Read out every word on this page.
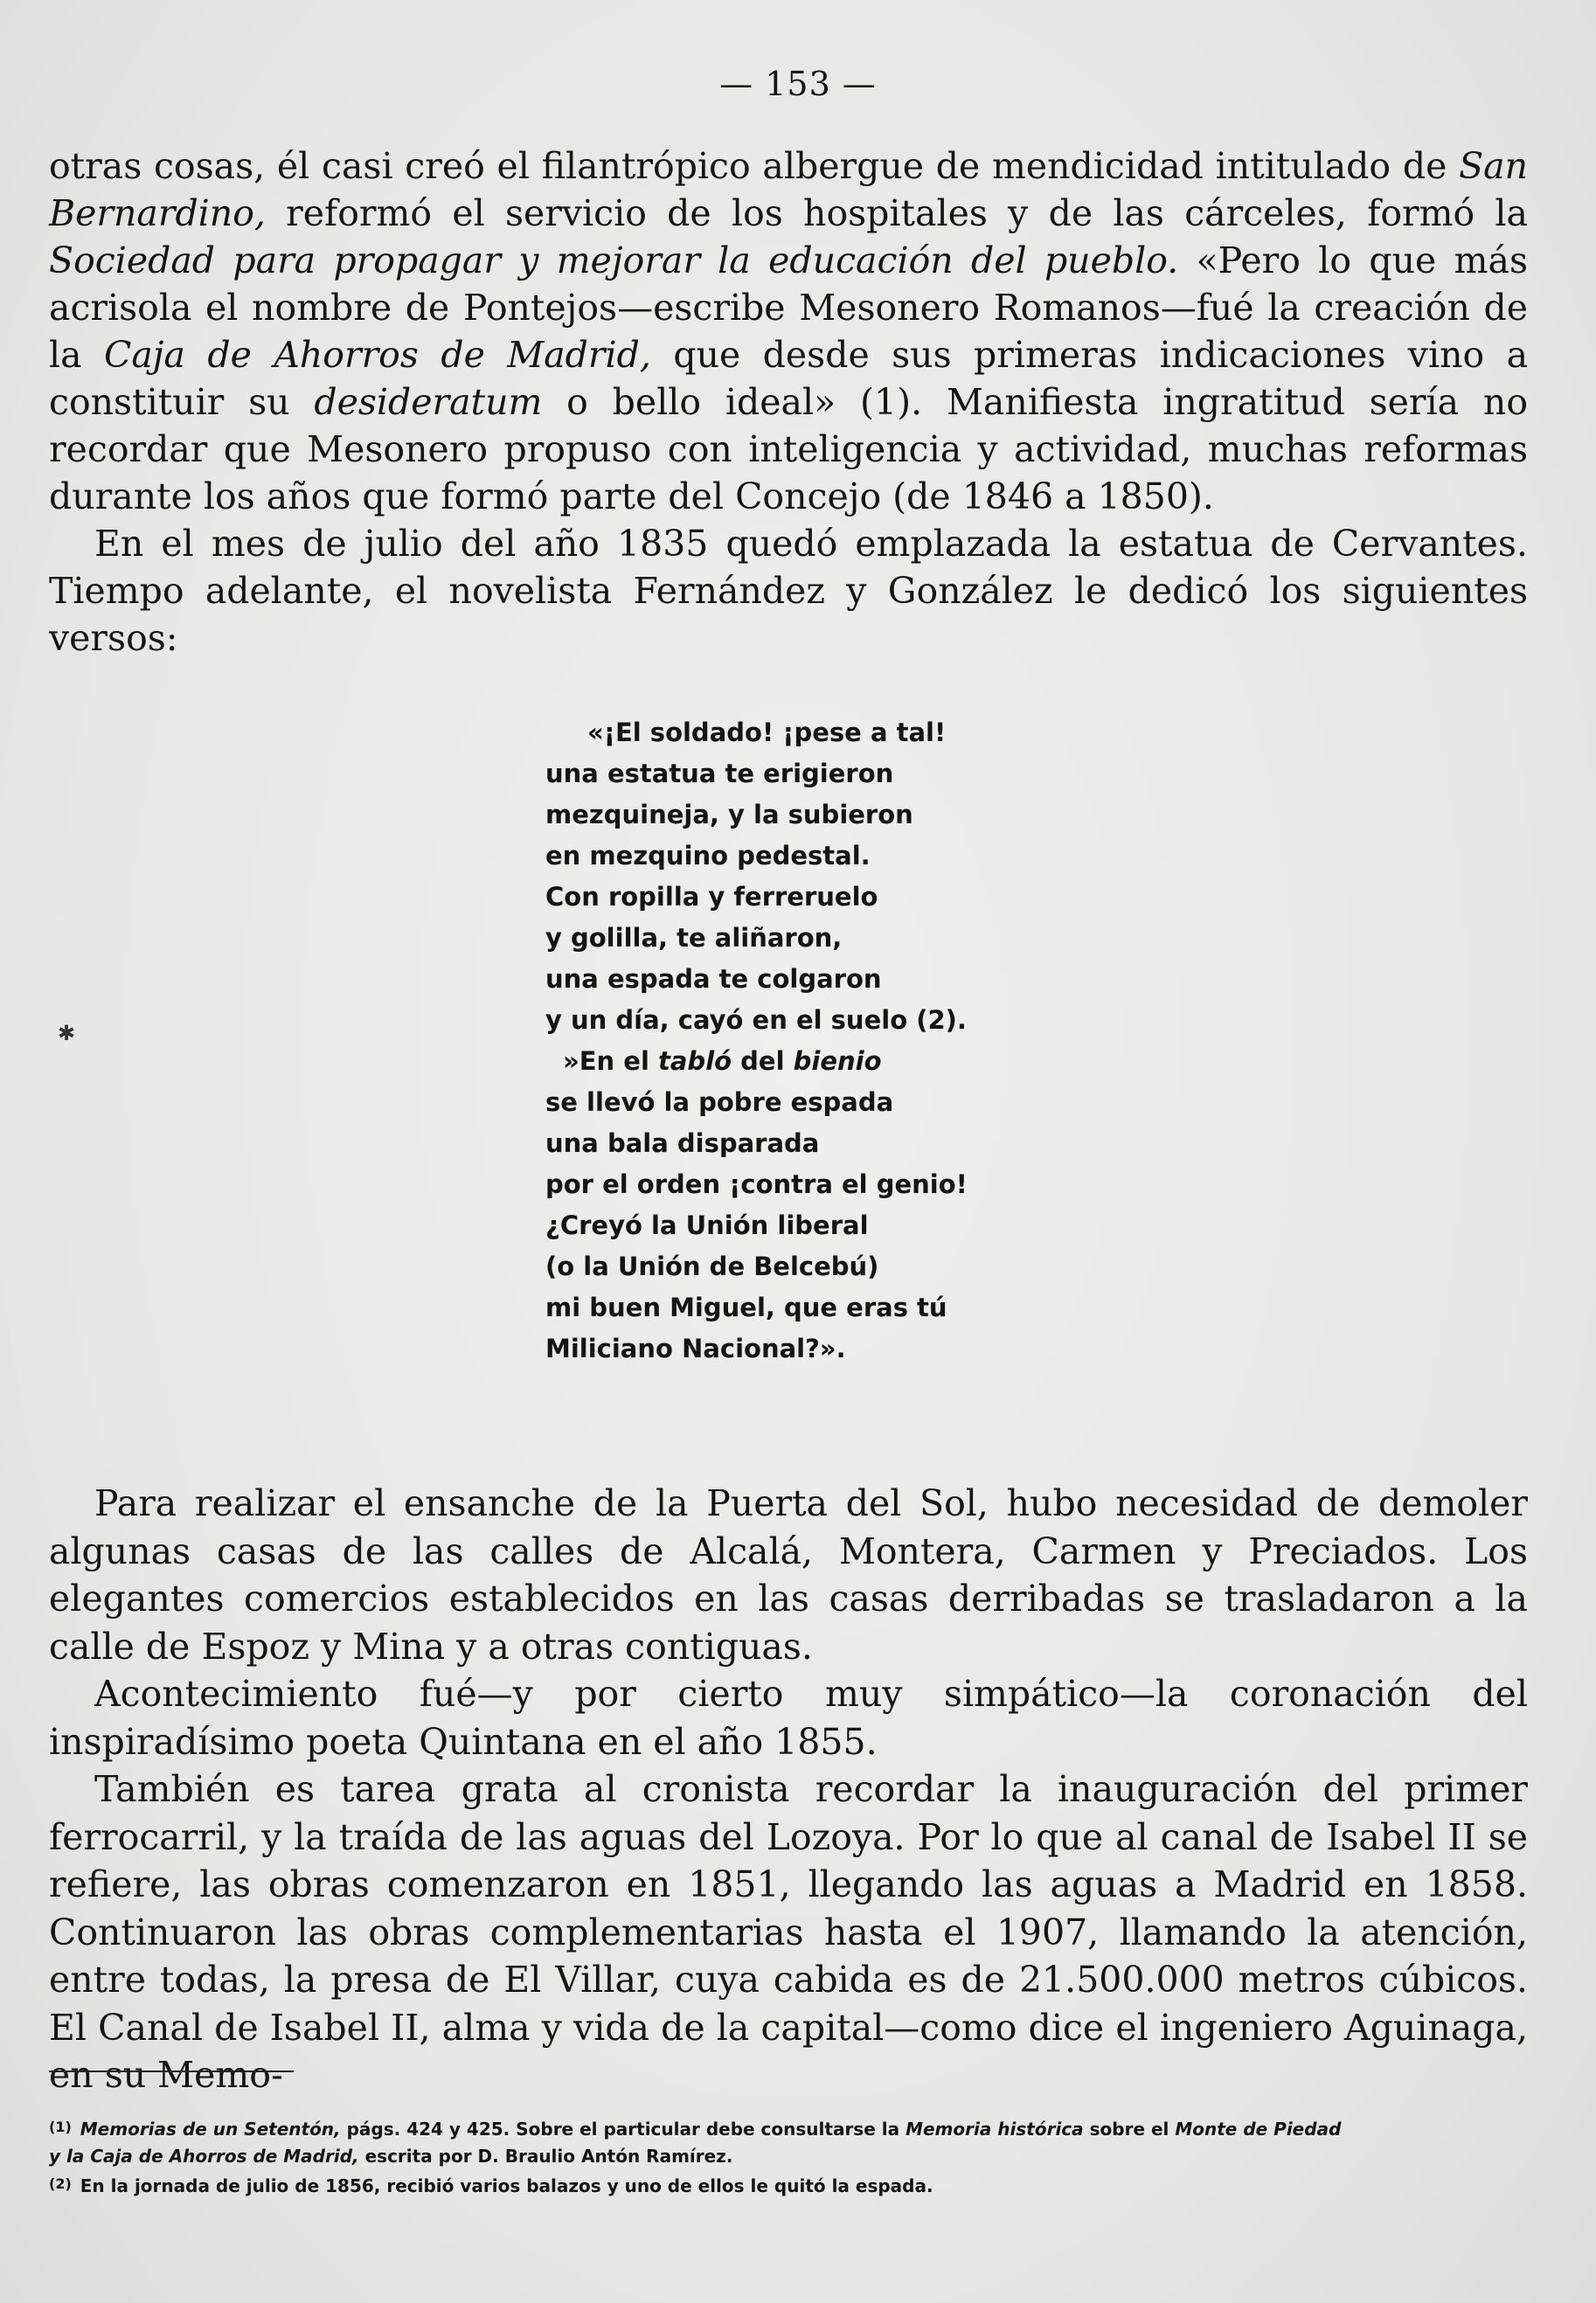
— 153 —

otras cosas, él casi creó el filantrópico albergue de mendicidad intitulado de San Bernardino, reformó el servicio de los hospitales y de las cárceles, formó la Sociedad para propagar y mejorar la educación del pueblo. «Pero lo que más acrisola el nombre de Pontejos—escribe Mesonero Romanos—fué la creación de la Caja de Ahorros de Madrid, que desde sus primeras indicaciones vino a constituir su desideratum o bello ideal» (1). Manifiesta ingratitud sería no recordar que Mesonero propuso con inteligencia y actividad, muchas reformas durante los años que formó parte del Concejo (de 1846 a 1850).

En el mes de julio del año 1835 quedó emplazada la estatua de Cervantes. Tiempo adelante, el novelista Fernández y González le dedicó los siguientes versos:

«¡El soldado! ¡pese a tal!
una estatua te erigieron
mezquineja, y la subieron
en mezquino pedestal.
Con ropilla y ferreruelo
y golilla, te aliñaron,
una espada te colgaron
y un día, cayó en el suelo (2).
»En el tabló del bienio
se llevó la pobre espada
una bala disparada
por el orden ¡contra el genio!
¿Creyó la Unión liberal
(o la Unión de Belcebú)
mi buen Miguel, que eras tú
Miliciano Nacional?».

Para realizar el ensanche de la Puerta del Sol, hubo necesidad de demoler algunas casas de las calles de Alcalá, Montera, Carmen y Preciados. Los elegantes comercios establecidos en las casas derribadas se trasladaron a la calle de Espoz y Mina y a otras contiguas.

Acontecimiento fué—y por cierto muy simpático—la coronación del inspiradísimo poeta Quintana en el año 1855.

También es tarea grata al cronista recordar la inauguración del primer ferrocarril, y la traída de las aguas del Lozoya. Por lo que al canal de Isabel II se refiere, las obras comenzaron en 1851, llegando las aguas a Madrid en 1858. Continuaron las obras complementarias hasta el 1907, llamando la atención, entre todas, la presa de El Villar, cuya cabida es de 21.500.000 metros cúbicos. El Canal de Isabel II, alma y vida de la capital—como dice el ingeniero Aguinaga, en su Memo-

$^{(1)}$ Memorias de un Setentón, págs. 424 y 425. Sobre el particular debe consultarse la Memoria histórica sobre el Monte de Piedad
y la Caja de Ahorros de Madrid, escrita por D. Braulio Antón Ramírez.
$^{(2)}$ En la jornada de julio de 1856, recibió varios balazos y uno de ellos le quitó la espada.
✱
